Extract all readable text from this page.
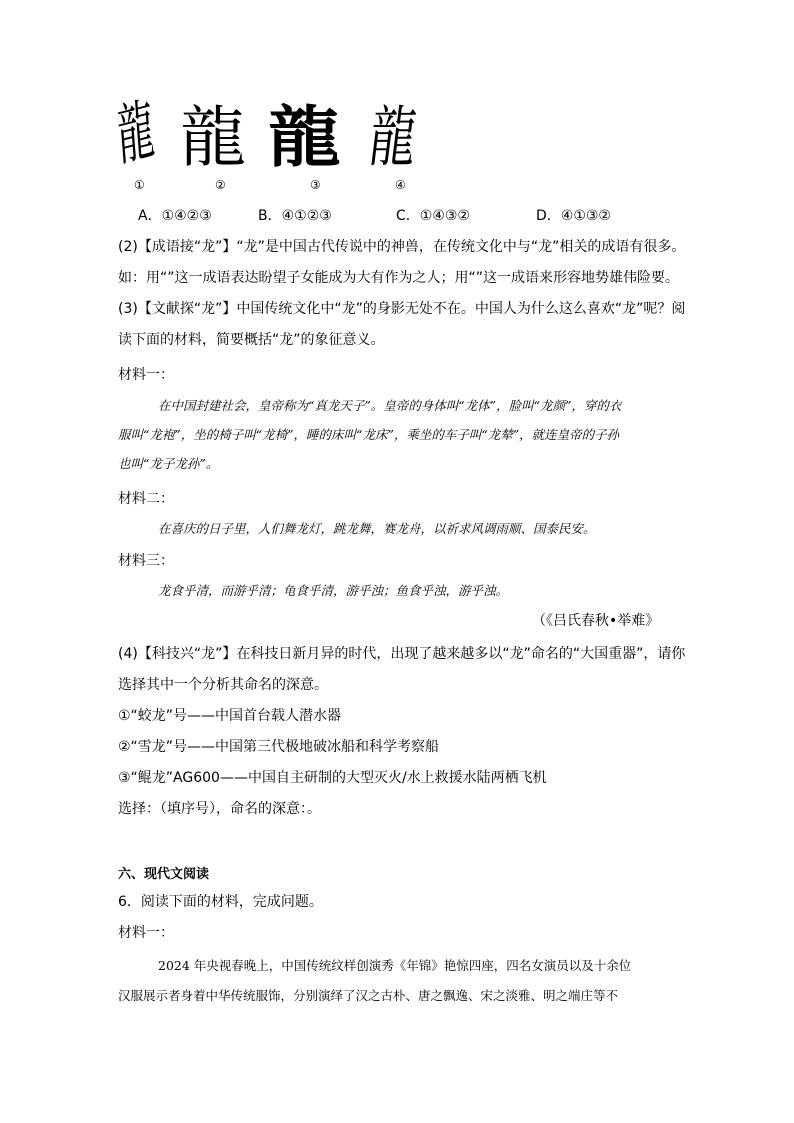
龍 龍 龍 龍
①	②	③	④
A．①④②③	B．④①②③	C．①④③②	D．④①③②
(2)【成语接“龙”】“龙”是中国古代传说中的神兽，在传统文化中与“龙”相关的成语有很多。
如：用“”这一成语表达盼望子女能成为大有作为之人；用“”这一成语来形容地势雄伟险要。
(3)【文献探“龙”】中国传统文化中“龙”的身影无处不在。中国人为什么这么喜欢“龙”呢？阅
读下面的材料，简要概括“龙”的象征意义。
材料一：
在中国封建社会，皇帝称为“真龙天子”。皇帝的身体叫“龙体”，脸叫“龙颜”，穿的衣
服叫“龙袍”，坐的椅子叫“龙椅”，睡的床叫“龙床”，乘坐的车子叫“龙辇”，就连皇帝的子孙
也叫“龙子龙孙”。
材料二：
在喜庆的日子里，人们舞龙灯，跳龙舞，赛龙舟，以祈求风调雨顺、国泰民安。
材料三：
龙食乎清，而游乎清；龟食乎清，游乎浊；鱼食乎浊，游乎浊。
（《吕氏春秋•举难》
(4)【科技兴“龙”】在科技日新月异的时代，出现了越来越多以“龙”命名的“大国重器”，请你
选择其中一个分析其命名的深意。
①“蛟龙”号——中国首台载人潜水器
②“雪龙”号——中国第三代极地破冰船和科学考察船
③“鲲龙”AG600——中国自主研制的大型灭火/水上救援水陆两栖飞机
选择：（填序号），命名的深意：。
六、现代文阅读
6．阅读下面的材料，完成问题。
材料一：
2024 年央视春晚上，中国传统纹样创演秀《年锦》艳惊四座，四名女演员以及十余位
汉服展示者身着中华传统服饰，分别演绎了汉之古朴、唐之飘逸、宋之淡雅、明之端庄等不
